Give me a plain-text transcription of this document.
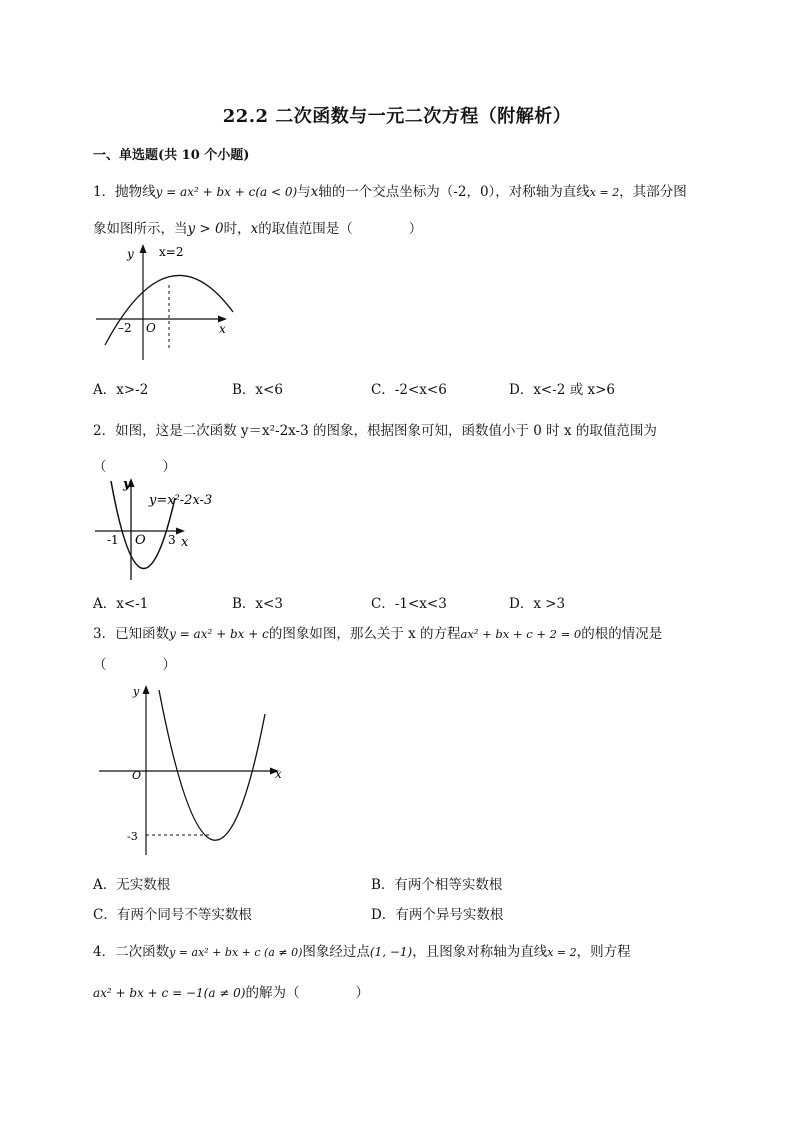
22.2 二次函数与一元二次方程（附解析）
一、单选题(共 10 个小题)
1．抛物线y = ax² + bx + c(a < 0)与x轴的一个交点坐标为（-2，0），对称轴为直线x = 2，其部分图
象如图所示，当y > 0时，x的取值范围是（	）
y
x
O
–2
x=2
A．x>-2	B．x<6	C．-2<x<6	D．x<-2 或 x>6
2．如图，这是二次函数 y＝x²-2x-3 的图象，根据图象可知，函数值小于 0 时 x 的取值范围为
（	）
y
x
O
-1	3
y=x²-2x-3
A．x<-1	B．x<3	C．-1<x<3	D．x >3
3．已知函数y = ax² + bx + c的图象如图，那么关于 x 的方程ax² + bx + c + 2 = 0的根的情况是
（	）
y
x
O
-3
A．无实数根	B．有两个相等实数根
C．有两个同号不等实数根	D．有两个异号实数根
4．二次函数y = ax² + bx + c (a ≠ 0)图象经过点(1, −1)，且图象对称轴为直线x = 2，则方程
ax² + bx + c = −1(a ≠ 0)的解为（	）
